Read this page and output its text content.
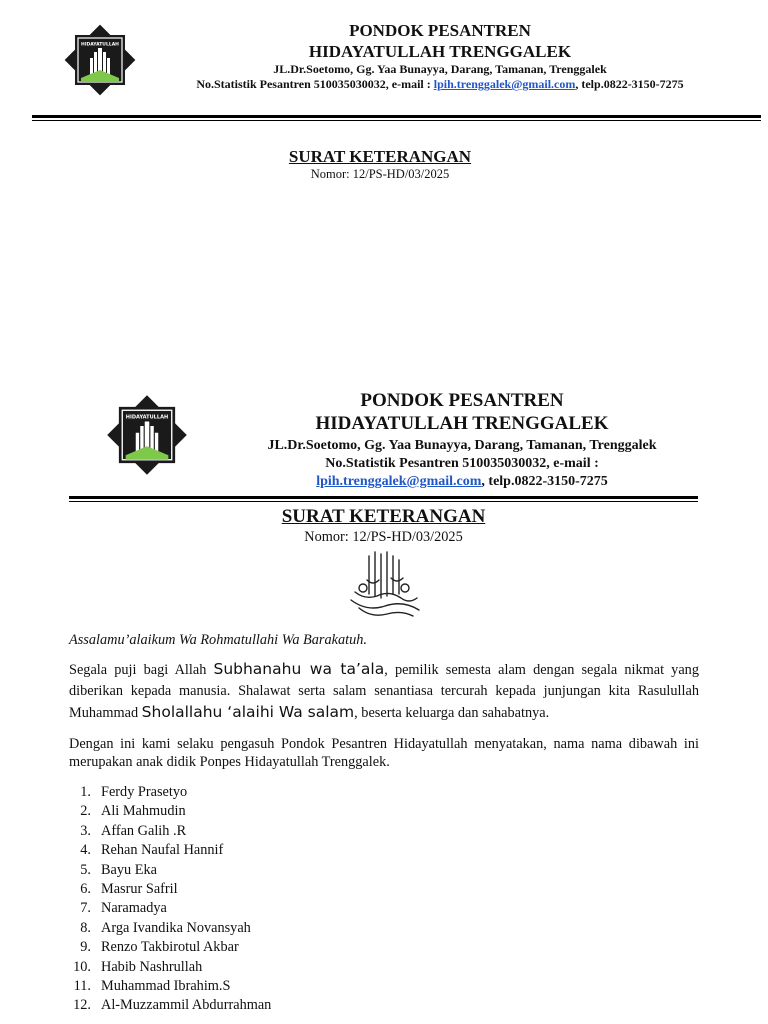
HIDAYATULLAH
PONDOK PESANTREN
HIDAYATULLAH TRENGGALEK
JL.Dr.Soetomo, Gg. Yaa Bunayya, Darang, Tamanan, Trenggalek
No.Statistik Pesantren 510035030032, e-mail : lpih.trenggalek@gmail.com, telp.0822-3150-7275
SURAT KETERANGAN
Nomor: 12/PS-HD/03/2025
HIDAYATULLAH
PONDOK PESANTREN
HIDAYATULLAH TRENGGALEK
JL.Dr.Soetomo, Gg. Yaa Bunayya, Darang, Tamanan, Trenggalek
No.Statistik Pesantren 510035030032, e-mail :
lpih.trenggalek@gmail.com, telp.0822-3150-7275
SURAT KETERANGAN
Nomor: 12/PS-HD/03/2025
Assalamu’alaikum Wa Rohmatullahi Wa Barakatuh.
Segala puji bagi Allah Subhanahu wa ta’ala, pemilik semesta alam dengan segala nikmat yang diberikan kepada manusia. Shalawat serta salam senantiasa tercurah kepada junjungan kita Rasulullah Muhammad Sholallahu ‘alaihi Wa salam, beserta keluarga dan sahabatnya.
Dengan ini kami selaku pengasuh Pondok Pesantren Hidayatullah menyatakan, nama nama dibawah ini merupakan anak didik Ponpes Hidayatullah Trenggalek.
1. Ferdy Prasetyo
2. Ali Mahmudin
3. Affan Galih .R
4. Rehan Naufal Hannif
5. Bayu Eka
6. Masrur Safril
7. Naramadya
8. Arga Ivandika Novansyah
9. Renzo Takbirotul Akbar
10. Habib Nashrullah
11. Muhammad Ibrahim.S
12. Al-Muzzammil Abdurrahman
